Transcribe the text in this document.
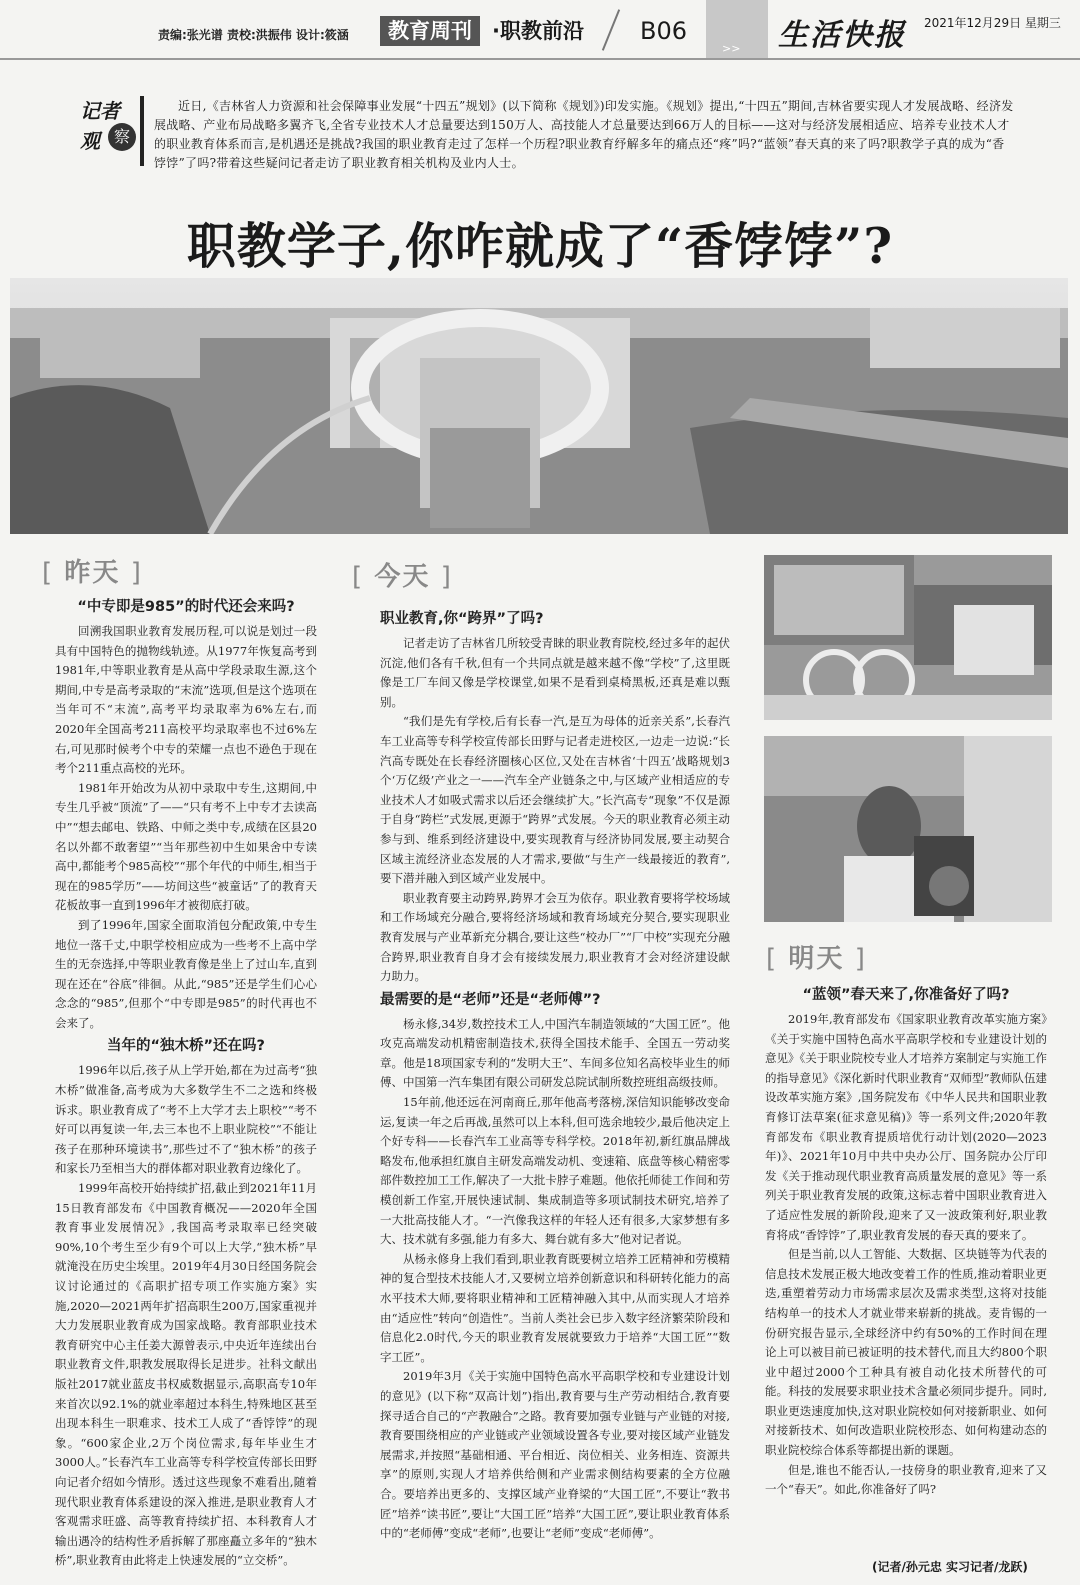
责编:张光谱 责校:洪振伟 设计:筱涵	教育周刊 ·职教前沿 B06
>> 生活快报 2021年12月29日 星期三
记者
观 察
近日,《吉林省人力资源和社会保障事业发展“十四五”规划》(以下简称《规划》)印发实施。《规划》提出,“十四五”期间,吉林省要实现人才发展战略、经济发展战略、产业布局战略多翼齐飞,全省专业技术人才总量要达到150万人、高技能人才总量要达到66万人的目标——这对与经济发展相适应、培养专业技术人才的职业教育体系而言,是机遇还是挑战?我国的职业教育走过了怎样一个历程?职业教育纾解多年的痛点还“疼”吗?“蓝领”春天真的来了吗?职教学子真的成为“香饽饽”了吗?带着这些疑问记者走访了职业教育相关机构及业内人士。
职教学子,你咋就成了“香饽饽”?
[ 昨天 ]
“中专即是985”的时代还会来吗?

回溯我国职业教育发展历程,可以说是划过一段具有中国特色的抛物线轨迹。从1977年恢复高考到1981年,中等职业教育是从高中学段录取生源,这个期间,中专是高考录取的“末流”选项,但是这个选项在当年可不“末流”,高考平均录取率为6%左右,而2020年全国高考211高校平均录取率也不过6%左右,可见那时候考个中专的荣耀一点也不逊色于现在考个211重点高校的光环。

1981年开始改为从初中录取中专生,这期间,中专生几乎被“顶流”了——“只有考不上中专才去读高中”“想去邮电、铁路、中师之类中专,成绩在区县20名以外都不敢奢望”“当年那些初中生如果舍中专读高中,都能考个985高校”“那个年代的中师生,相当于现在的985学历”——坊间这些“被童话”了的教育天花板故事一直到1996年才被彻底打破。

到了1996年,国家全面取消包分配政策,中专生地位一落千丈,中职学校相应成为一些考不上高中学生的无奈选择,中等职业教育像是坐上了过山车,直到现在还在“谷底”徘徊。从此,“985”还是学生们心心念念的“985”,但那个“中专即是985”的时代再也不会来了。

当年的“独木桥”还在吗?

1996年以后,孩子从上学开始,都在为过高考“独木桥”做准备,高考成为大多数学生不二之选和终极诉求。职业教育成了“考不上大学才去上职校”“考不好可以再复读一年,去三本也不上职业院校”“不能让孩子在那种环境读书”,那些过不了“独木桥”的孩子和家长乃至相当大的群体都对职业教育边缘化了。

1999年高校开始持续扩招,截止到2021年11月15日教育部发布《中国教育概况——2020年全国教育事业发展情况》,我国高考录取率已经突破90%,10个考生至少有9个可以上大学,“独木桥”早就淹没在历史尘埃里。2019年4月30日经国务院会议讨论通过的《高职扩招专项工作实施方案》实施,2020—2021两年扩招高职生200万,国家重视并大力发展职业教育成为国家战略。教育部职业技术教育研究中心主任姜大源曾表示,中央近年连续出台职业教育文件,职教发展取得长足进步。社科文献出版社2017就业蓝皮书权威数据显示,高职高专10年来首次以92.1%的就业率超过本科生,特殊地区甚至出现本科生一职难求、技术工人成了“香饽饽”的现象。“600家企业,2万个岗位需求,每年毕业生才3000人。”长春汽车工业高等专科学校宣传部长田野向记者介绍如今情形。透过这些现象不难看出,随着现代职业教育体系建设的深入推进,是职业教育人才客观需求旺盛、高等教育持续扩招、本科教育人才输出遇冷的结构性矛盾拆解了那座矗立多年的“独木桥”,职业教育由此将走上快速发展的“立交桥”。

[ 今天 ]
职业教育,你“跨界”了吗?

记者走访了吉林省几所较受青睐的职业教育院校,经过多年的起伏沉淀,他们各有千秋,但有一个共同点就是越来越不像“学校”了,这里既像是工厂车间又像是学校课堂,如果不是看到桌椅黑板,还真是难以甄别。

“我们是先有学校,后有长春一汽,是互为母体的近亲关系”,长春汽车工业高等专科学校宣传部长田野与记者走进校区,一边走一边说:“长汽高专既处在长春经济圈核心区位,又处在吉林省‘十四五’战略规划3个‘万亿级’产业之一——汽车全产业链条之中,与区域产业相适应的专业技术人才如吸式需求以后还会继续扩大。”长汽高专“现象”不仅是源于自身“跨栏”式发展,更源于“跨界”式发展。今天的职业教育必须主动参与到、维系到经济建设中,要实现教育与经济协同发展,要主动契合区域主流经济业态发展的人才需求,要做“与生产一线最接近的教育”,要下潜并融入到区域产业发展中。

职业教育要主动跨界,跨界才会互为依存。职业教育要将学校场域和工作场域充分融合,要将经济场域和教育场域充分契合,要实现职业教育发展与产业革新充分耦合,要让这些“校办厂”“厂中校”实现充分融合跨界,职业教育自身才会有接续发展力,职业教育才会对经济建设献力助力。

最需要的是“老师”还是“老师傅”?

杨永修,34岁,数控技术工人,中国汽车制造领域的“大国工匠”。他攻克高端发动机精密制造技术,获得全国技术能手、全国五一劳动奖章。他是18项国家专利的“发明大王”、车间多位知名高校毕业生的师傅、中国第一汽车集团有限公司研发总院试制所数控班组高级技师。

15年前,他还远在河南商丘,那年他高考落榜,深信知识能够改变命运,复读一年之后再战,虽然可以上本科,但可选余地较少,最后他决定上个好专科——长春汽车工业高等专科学校。2018年初,新红旗品牌战略发布,他承担红旗自主研发高端发动机、变速箱、底盘等核心精密零部件数控加工工作,解决了一大批卡脖子难题。他依托师徒工作间和劳模创新工作室,开展快速试制、集成制造等多项试制技术研究,培养了一大批高技能人才。“一汽像我这样的年轻人还有很多,大家梦想有多大、技术就有多强,能力有多大、舞台就有多大”他对记者说。

从杨永修身上我们看到,职业教育既要树立培养工匠精神和劳模精神的复合型技术技能人才,又要树立培养创新意识和科研转化能力的高水平技术大师,要将职业精神和工匠精神融入其中,从而实现人才培养由“适应性”转向“创造性”。当前人类社会已步入数字经济繁荣阶段和信息化2.0时代,今天的职业教育发展就要致力于培养“大国工匠”“数字工匠”。

2019年3月《关于实施中国特色高水平高职学校和专业建设计划的意见》(以下称“双高计划”)指出,教育要与生产劳动相结合,教育要探寻适合自己的“产教融合”之路。教育要加强专业链与产业链的对接,教育要围绕相应的产业链或产业领域设置各专业,要对接区域产业链发展需求,并按照“基础相通、平台相近、岗位相关、业务相连、资源共享”的原则,实现人才培养供给侧和产业需求侧结构要素的全方位融合。要培养出更多的、支撑区域产业脊梁的“大国工匠”,不要让“教书匠”培养“读书匠”,要让“大国工匠”培养“大国工匠”,要让职业教育体系中的“老师傅”变成“老师”,也要让“老师”变成“老师傅”。

[ 明天 ]
“蓝领”春天来了,你准备好了吗?

2019年,教育部发布《国家职业教育改革实施方案》《关于实施中国特色高水平高职学校和专业建设计划的意见》《关于职业院校专业人才培养方案制定与实施工作的指导意见》《深化新时代职业教育“双师型”教师队伍建设改革实施方案》,国务院发布《中华人民共和国职业教育修订法草案(征求意见稿)》等一系列文件;2020年教育部发布《职业教育提质培优行动计划(2020—2023年)》、2021年10月中共中央办公厅、国务院办公厅印发《关于推动现代职业教育高质量发展的意见》等一系列关于职业教育发展的政策,这标志着中国职业教育进入了适应性发展的新阶段,迎来了又一波政策利好,职业教育将成“香饽饽”了,职业教育发展的春天真的要来了。

但是当前,以人工智能、大数据、区块链等为代表的信息技术发展正极大地改变着工作的性质,推动着职业更迭,重塑着劳动力市场需求层次及需求类型,这将对技能结构单一的技术人才就业带来崭新的挑战。麦肯锡的一份研究报告显示,全球经济中约有50%的工作时间在理论上可以被目前已被证明的技术替代,而且大约800个职业中超过2000个工种具有被自动化技术所替代的可能。科技的发展要求职业技术含量必须同步提升。同时,职业更迭速度加快,这对职业院校如何对接新职业、如何对接新技术、如何改造职业院校形态、如何构建动态的职业院校综合体系等都提出新的课题。

但是,谁也不能否认,一技傍身的职业教育,迎来了又一个“春天”。如此,你准备好了吗?

(记者/孙元忠 实习记者/龙跃)
